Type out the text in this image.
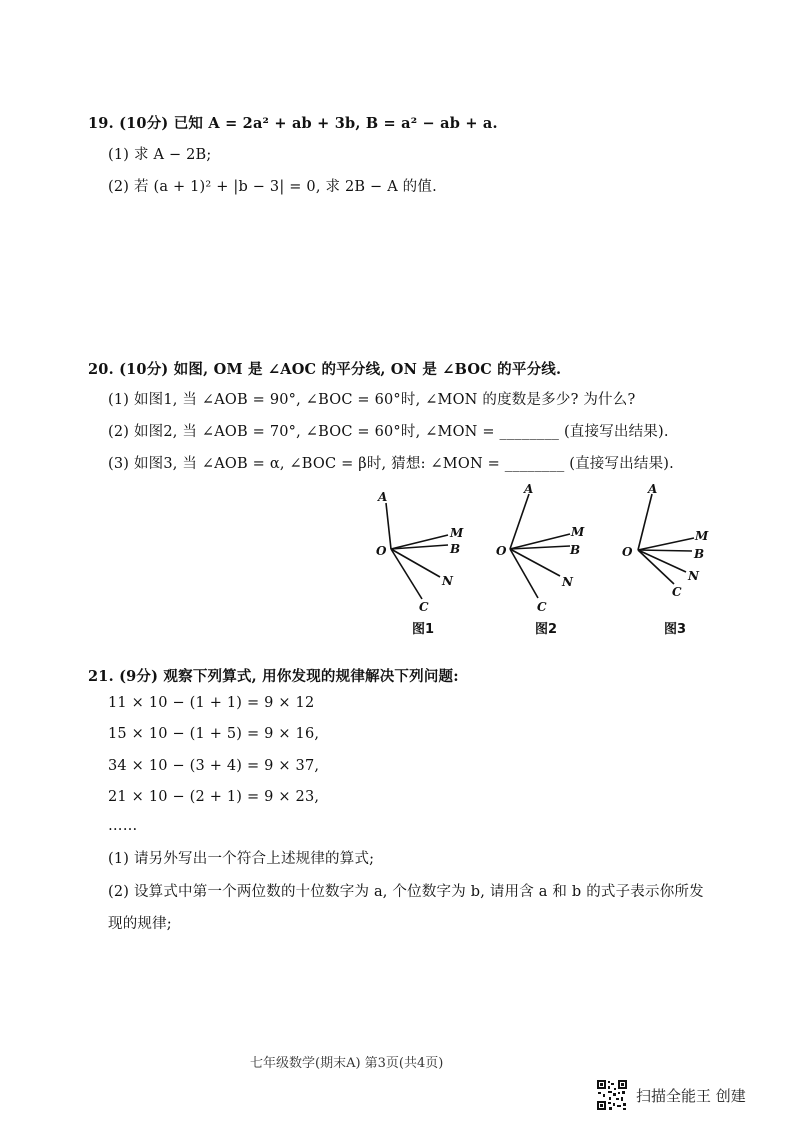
19. (10分) 已知 A = 2a² + ab + 3b, B = a² − ab + a.
(1) 求 A − 2B;
(2) 若 (a + 1)² + |b − 3| = 0, 求 2B − A 的值.
20. (10分) 如图, OM 是 ∠AOC 的平分线, ON 是 ∠BOC 的平分线.
(1) 如图1, 当 ∠AOB = 90°, ∠BOC = 60°时, ∠MON 的度数是多少? 为什么?
(2) 如图2, 当 ∠AOB = 70°, ∠BOC = 60°时, ∠MON = ________ (直接写出结果).
(3) 如图3, 当 ∠AOB = α, ∠BOC = β时, 猜想: ∠MON = ________ (直接写出结果).
A
M
O	B
N
C
图1
A
M
O	B
N
C
图2
A
M
O	B
N
C
图3
21. (9分) 观察下列算式, 用你发现的规律解决下列问题:
11 × 10 − (1 + 1) = 9 × 12
15 × 10 − (1 + 5) = 9 × 16,
34 × 10 − (3 + 4) = 9 × 37,
21 × 10 − (2 + 1) = 9 × 23,
……
(1) 请另外写出一个符合上述规律的算式;
(2) 设算式中第一个两位数的十位数字为 a, 个位数字为 b, 请用含 a 和 b 的式子表示你所发
现的规律;
七年级数学(期末A) 第3页(共4页)
扫描全能王 创建
